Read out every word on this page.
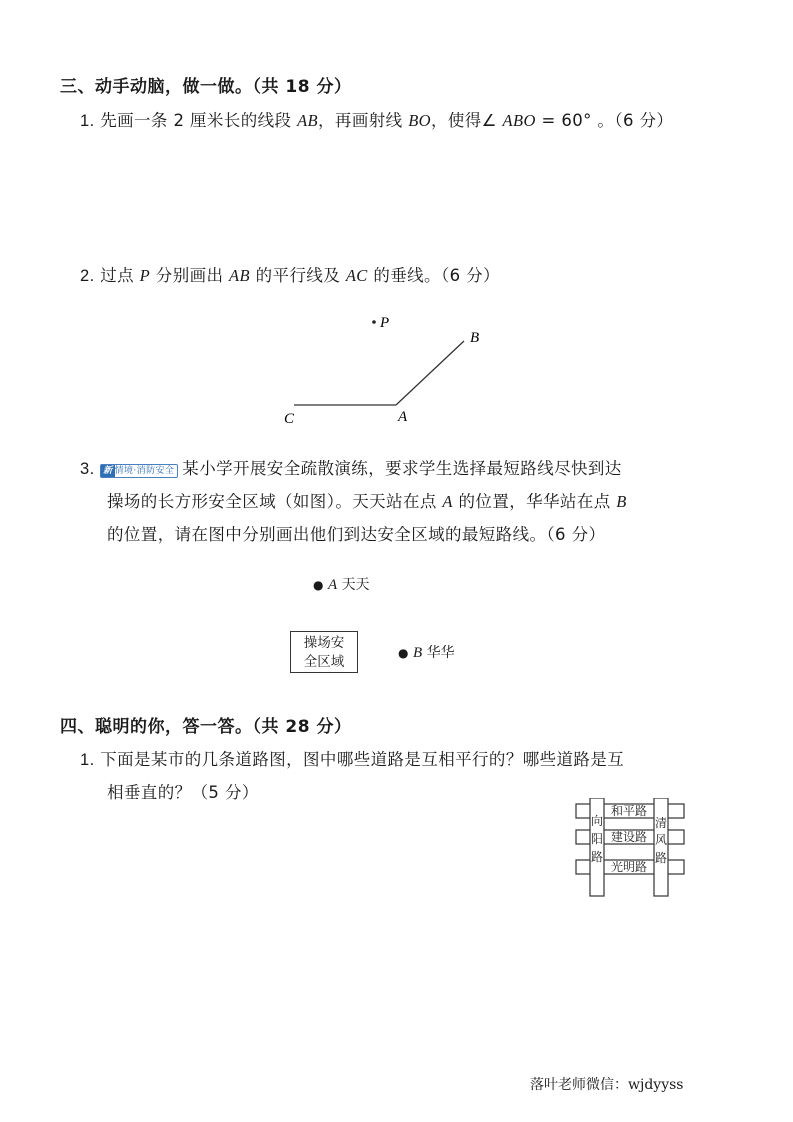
三、动手动脑，做一做。（共 18 分）
1. 先画一条 2 厘米长的线段 AB，再画射线 BO，使得∠ ABO = 60° 。（6 分）
2. 过点 P 分别画出 AB 的平行线及 AC 的垂线。（6 分）
P
B
A
C
3. 新 情境·消防安全 某小学开展安全疏散演练，要求学生选择最短路线尽快到达
操场的长方形安全区域（如图）。天天站在点 A 的位置，华华站在点 B
的位置，请在图中分别画出他们到达安全区域的最短路线。（6 分）
● A 天天
操场安
全区域
● B 华华
四、聪明的你，答一答。（共 28 分）
1. 下面是某市的几条道路图，图中哪些道路是互相平行的？哪些道路是互
相垂直的？（5 分）
和平路
建设路
光明路
向
阳
路
清
风
路
落叶老师微信：wjdyyss
